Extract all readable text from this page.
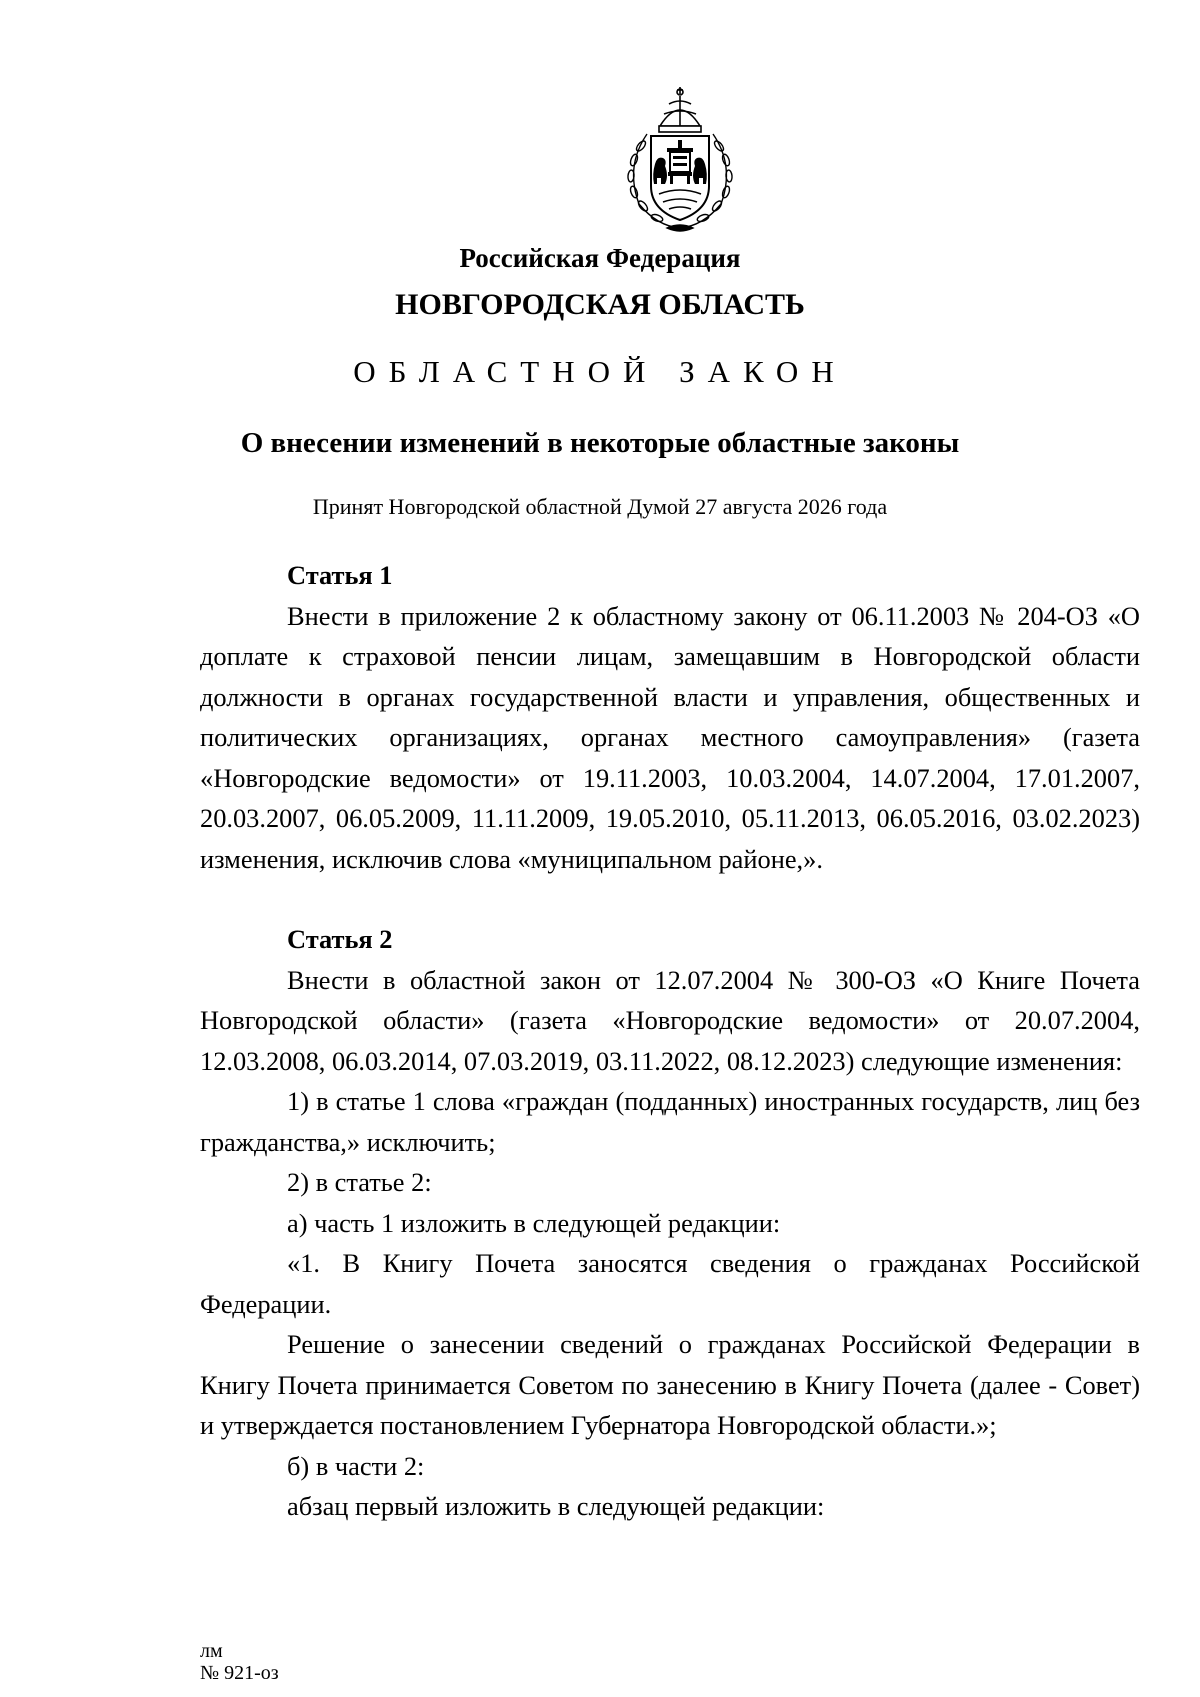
Российская Федерация
НОВГОРОДСКАЯ ОБЛАСТЬ
ОБЛАСТНОЙ ЗАКОН
О внесении изменений в некоторые областные законы
Принят Новгородской областной Думой 27 августа 2026 года

Статья 1

Внести в приложение 2 к областному закону от 06.11.2003 № 204-ОЗ «О доплате к страховой пенсии лицам, замещавшим в Новгородской области должности в органах государственной власти и управления, общественных и политических организациях, органах местного самоуправления» (газета «Новгородские ведомости» от 19.11.2003, 10.03.2004, 14.07.2004, 17.01.2007, 20.03.2007, 06.05.2009, 11.11.2009, 19.05.2010, 05.11.2013, 06.05.2016, 03.02.2023) изменения, исключив слова «муниципальном районе,».

Статья 2

Внести в областной закон от 12.07.2004 № 300-ОЗ «О Книге Почета Новгородской области» (газета «Новгородские ведомости» от 20.07.2004, 12.03.2008, 06.03.2014, 07.03.2019, 03.11.2022, 08.12.2023) следующие изменения:

1) в статье 1 слова «граждан (подданных) иностранных государств, лиц без гражданства,» исключить;

2) в статье 2:

а) часть 1 изложить в следующей редакции:

«1. В Книгу Почета заносятся сведения о гражданах Российской Федерации.

Решение о занесении сведений о гражданах Российской Федерации в Книгу Почета принимается Советом по занесению в Книгу Почета (далее - Совет) и утверждается постановлением Губернатора Новгородской области.»;

б) в части 2:

абзац первый изложить в следующей редакции:

лм
№ 921-оз
